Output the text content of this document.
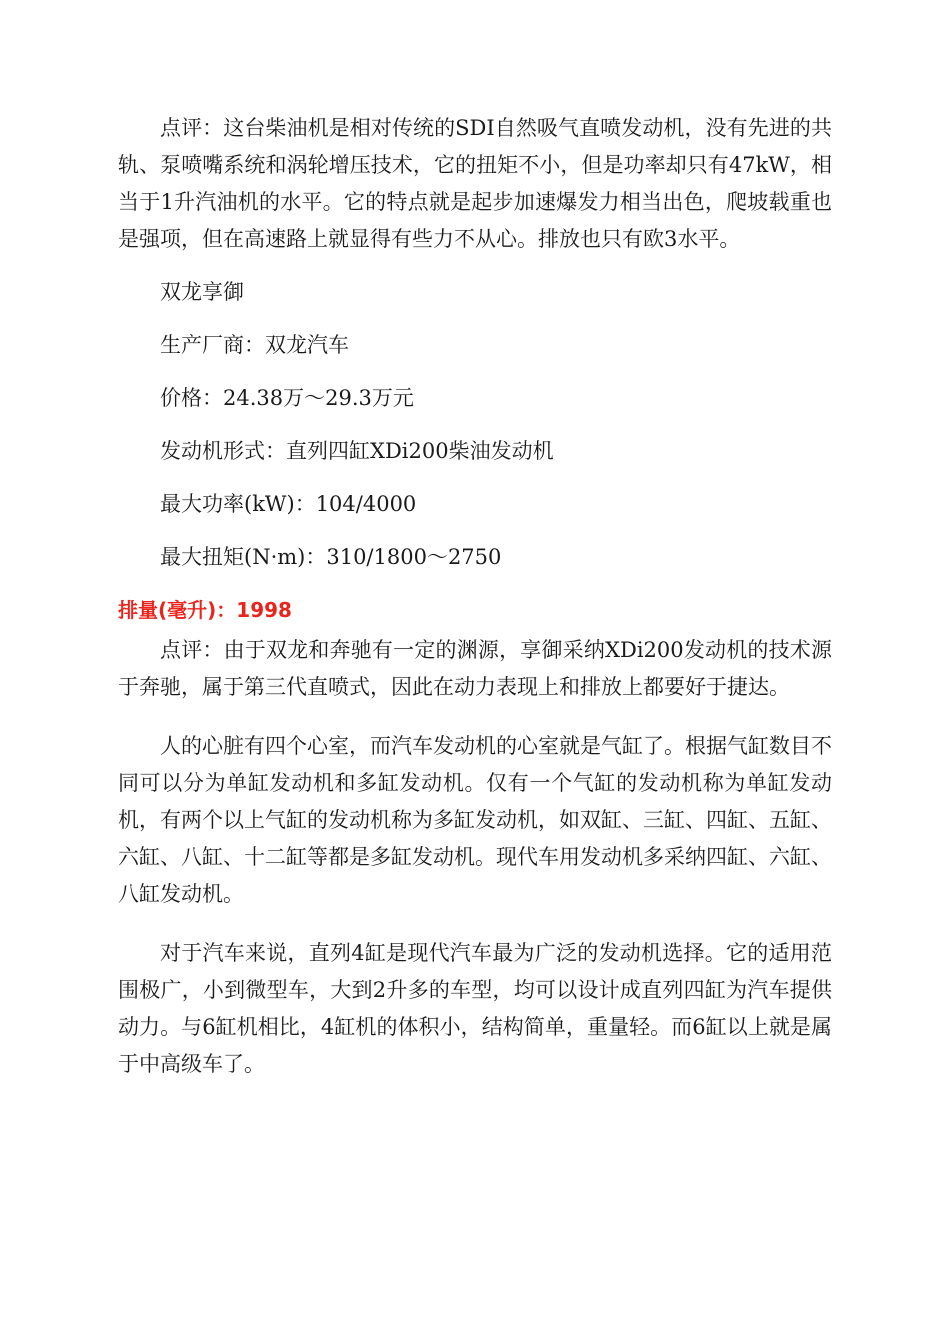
点评：这台柴油机是相对传统的SDI自然吸气直喷发动机，没有先进的共轨、泵喷嘴系统和涡轮增压技术，它的扭矩不小，但是功率却只有47kW，相当于1升汽油机的水平。它的特点就是起步加速爆发力相当出色，爬坡载重也是强项，但在高速路上就显得有些力不从心。排放也只有欧3水平。

双龙享御

生产厂商：双龙汽车

价格：24.38万～29.3万元

发动机形式：直列四缸XDi200柴油发动机

最大功率(kW)：104/4000

最大扭矩(N·m)：310/1800～2750

排量(毫升)：1998

点评：由于双龙和奔驰有一定的渊源，享御采纳XDi200发动机的技术源于奔驰，属于第三代直喷式，因此在动力表现上和排放上都要好于捷达。

人的心脏有四个心室，而汽车发动机的心室就是气缸了。根据气缸数目不同可以分为单缸发动机和多缸发动机。仅有一个气缸的发动机称为单缸发动机，有两个以上气缸的发动机称为多缸发动机，如双缸、三缸、四缸、五缸、六缸、八缸、十二缸等都是多缸发动机。现代车用发动机多采纳四缸、六缸、八缸发动机。

对于汽车来说，直列4缸是现代汽车最为广泛的发动机选择。它的适用范围极广，小到微型车，大到2升多的车型，均可以设计成直列四缸为汽车提供动力。与6缸机相比，4缸机的体积小，结构简单，重量轻。而6缸以上就是属于中高级车了。
